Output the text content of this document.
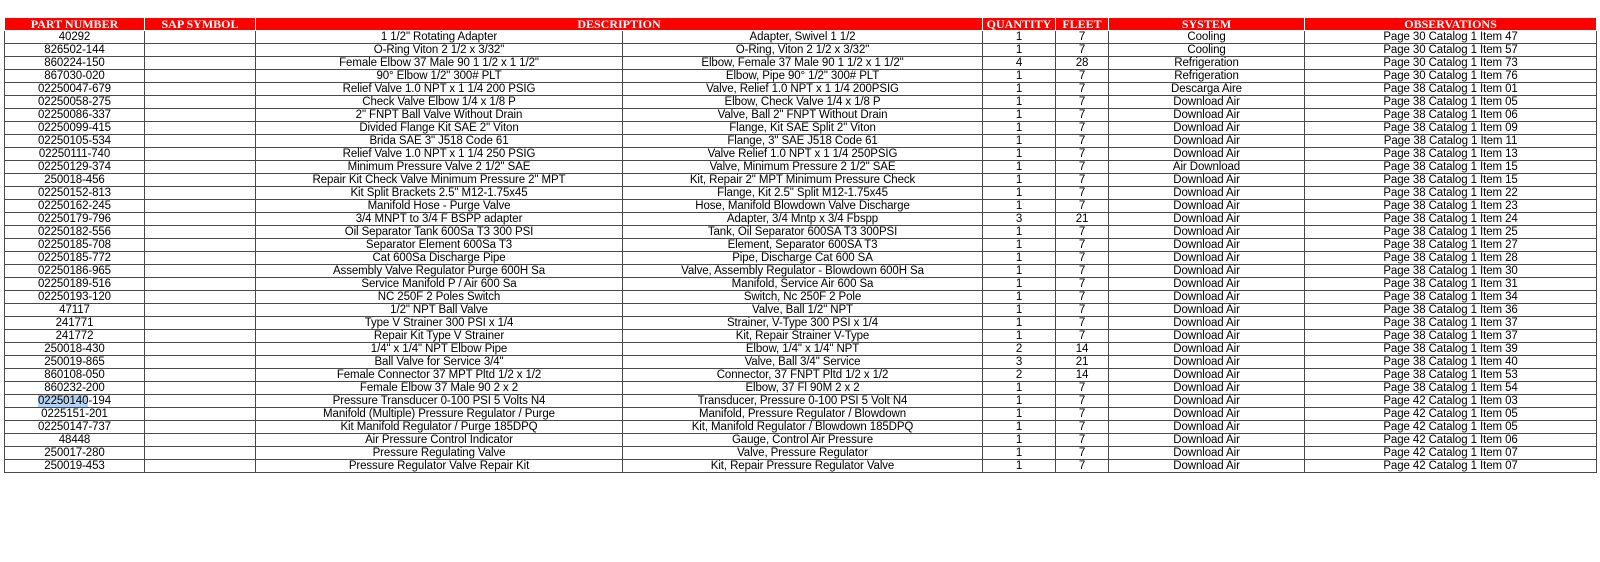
PART NUMBER	SAP SYMBOL	DESCRIPTION		QUANTITY	FLEET	SYSTEM	OBSERVATIONS
40292		1 1/2" Rotating Adapter	Adapter, Swivel 1 1/2	1	7	Cooling	Page 30 Catalog 1 Item 47
826502-144		O-Ring Viton 2 1/2 x 3/32"	O-Ring, Viton 2 1/2 x 3/32"	1	7	Cooling	Page 30 Catalog 1 Item 57
860224-150		Female Elbow 37 Male 90 1 1/2 x 1 1/2"	Elbow, Female 37 Male 90 1 1/2 x 1 1/2"	4	28	Refrigeration	Page 30 Catalog 1 Item 73
867030-020		90° Elbow 1/2" 300# PLT	Elbow, Pipe 90° 1/2" 300# PLT	1	7	Refrigeration	Page 30 Catalog 1 Item 76
02250047-679		Relief Valve 1.0 NPT x 1 1/4 200 PSIG	Valve, Relief 1.0 NPT x 1 1/4 200PSIG	1	7	Descarga Aire	Page 38 Catalog 1 Item 01
02250058-275		Check Valve Elbow 1/4 x 1/8 P	Elbow, Check Valve 1/4 x 1/8 P	1	7	Download Air	Page 38 Catalog 1 Item 05
02250086-337		2" FNPT Ball Valve Without Drain	Valve, Ball 2" FNPT Without Drain	1	7	Download Air	Page 38 Catalog 1 Item 06
02250099-415		Divided Flange Kit SAE 2" Viton	Flange, Kit SAE Split 2" Viton	1	7	Download Air	Page 38 Catalog 1 Item 09
02250105-534		Brida SAE 3" J518 Code 61	Flange, 3" SAE J518 Code 61	1	7	Download Air	Page 38 Catalog 1 Item 11
02250111-740		Relief Valve 1.0 NPT x 1 1/4 250 PSIG	Valve Relief 1.0 NPT x 1 1/4 250PSIG	1	7	Download Air	Page 38 Catalog 1 Item 13
02250129-374		Minimum Pressure Valve 2 1/2" SAE	Valve, Minimum Pressure 2 1/2" SAE	1	7	Air Download	Page 38 Catalog 1 Item 15
250018-456		Repair Kit Check Valve Minimum Pressure 2" MPT	Kit, Repair 2" MPT Minimum Pressure Check	1	7	Download Air	Page 38 Catalog 1 Item 15
02250152-813		Kit Split Brackets 2.5" M12-1.75x45	Flange, Kit 2.5" Split M12-1.75x45	1	7	Download Air	Page 38 Catalog 1 Item 22
02250162-245		Manifold Hose - Purge Valve	Hose, Manifold Blowdown Valve Discharge	1	7	Download Air	Page 38 Catalog 1 Item 23
02250179-796		3/4 MNPT to 3/4 F BSPP adapter	Adapter, 3/4 Mntp x 3/4 Fbspp	3	21	Download Air	Page 38 Catalog 1 Item 24
02250182-556		Oil Separator Tank 600Sa T3 300 PSI	Tank, Oil Separator 600SA T3 300PSI	1	7	Download Air	Page 38 Catalog 1 Item 25
02250185-708		Separator Element 600Sa T3	Element, Separator 600SA T3	1	7	Download Air	Page 38 Catalog 1 Item 27
02250185-772		Cat 600Sa Discharge Pipe	Pipe, Discharge Cat 600 SA	1	7	Download Air	Page 38 Catalog 1 Item 28
02250186-965		Assembly Valve Regulator Purge 600H Sa	Valve, Assembly Regulator - Blowdown 600H Sa	1	7	Download Air	Page 38 Catalog 1 Item 30
02250189-516		Service Manifold P / Air 600 Sa	Manifold, Service Air 600 Sa	1	7	Download Air	Page 38 Catalog 1 Item 31
02250193-120		NC 250F 2 Poles Switch	Switch, Nc 250F 2 Pole	1	7	Download Air	Page 38 Catalog 1 Item 34
47117		1/2" NPT Ball Valve	Valve, Ball 1/2" NPT	1	7	Download Air	Page 38 Catalog 1 Item 36
241771		Type V Strainer 300 PSI x 1/4	Strainer, V-Type 300 PSI x 1/4	1	7	Download Air	Page 38 Catalog 1 Item 37
241772		Repair Kit Type V Strainer	Kit, Repair Strainer V-Type	1	7	Download Air	Page 38 Catalog 1 Item 37
250018-430		1/4" x 1/4" NPT Elbow Pipe	Elbow, 1/4" x 1/4" NPT	2	14	Download Air	Page 38 Catalog 1 Item 39
250019-865		Ball Valve for Service 3/4"	Valve, Ball 3/4" Service	3	21	Download Air	Page 38 Catalog 1 Item 40
860108-050		Female Connector 37 MPT Pltd 1/2 x 1/2	Connector, 37 FNPT Pltd 1/2 x 1/2	2	14	Download Air	Page 38 Catalog 1 Item 53
860232-200		Female Elbow 37 Male 90 2 x 2	Elbow, 37 Fl 90M 2 x 2	1	7	Download Air	Page 38 Catalog 1 Item 54
02250140-194		Pressure Transducer 0-100 PSI 5 Volts N4	Transducer, Pressure 0-100 PSI 5 Volt N4	1	7	Download Air	Page 42 Catalog 1 Item 03
0225151-201		Manifold (Multiple) Pressure Regulator / Purge	Manifold, Pressure Regulator / Blowdown	1	7	Download Air	Page 42 Catalog 1 Item 05
02250147-737		Kit Manifold Regulator / Purge 185DPQ	Kit, Manifold Regulator / Blowdown 185DPQ	1	7	Download Air	Page 42 Catalog 1 Item 05
48448		Air Pressure Control Indicator	Gauge, Control Air Pressure	1	7	Download Air	Page 42 Catalog 1 Item 06
250017-280		Pressure Regulating Valve	Valve, Pressure Regulator	1	7	Download Air	Page 42 Catalog 1 Item 07
250019-453		Pressure Regulator Valve Repair Kit	Kit, Repair Pressure Regulator Valve	1	7	Download Air	Page 42 Catalog 1 Item 07
